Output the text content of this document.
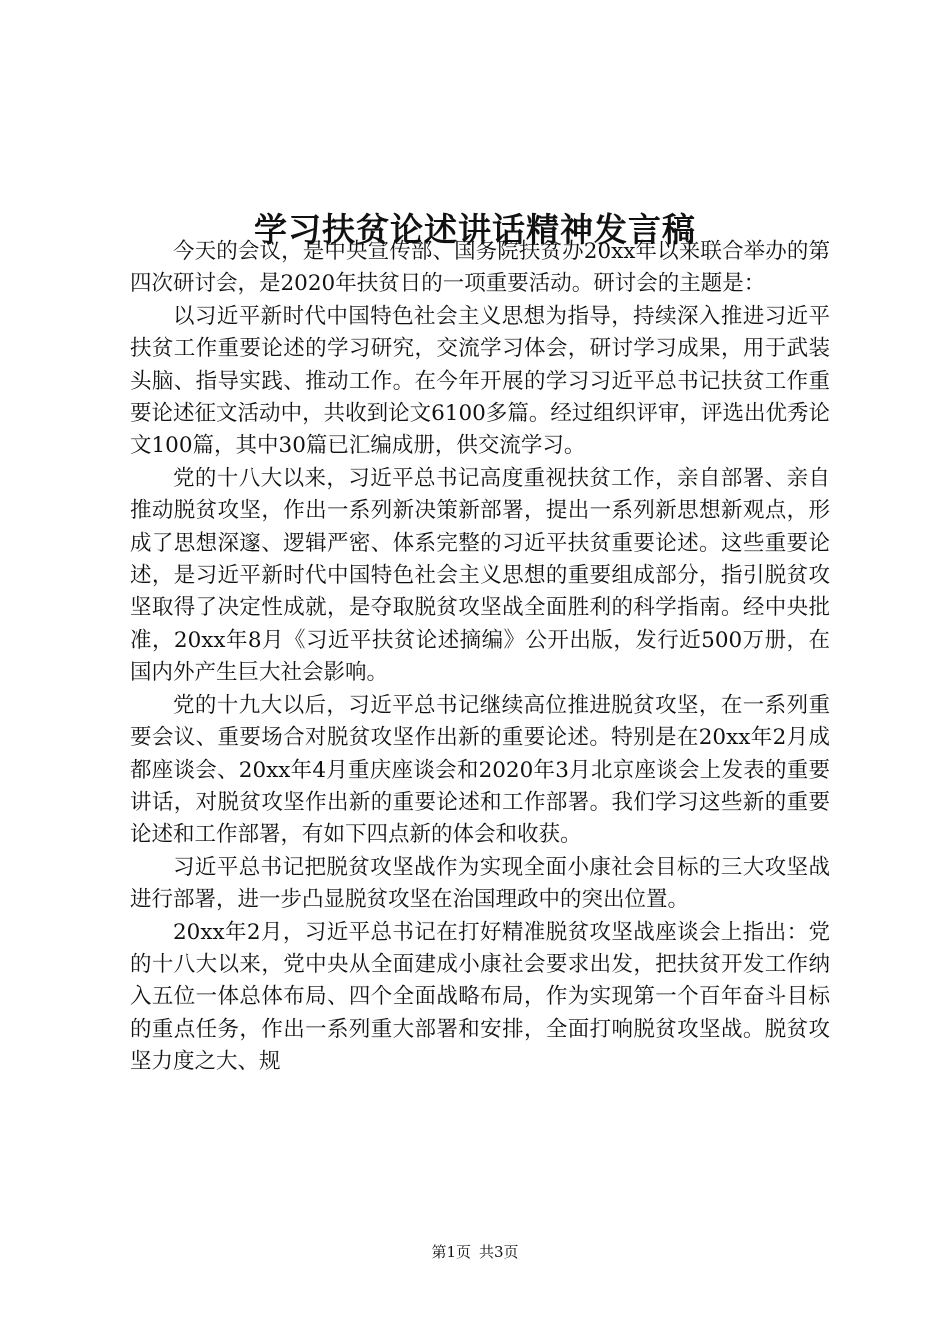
学习扶贫论述讲话精神发言稿

今天的会议，是中央宣传部、国务院扶贫办20xx年以来联合举办的第四次研讨会，是2020年扶贫日的一项重要活动。研讨会的主题是：

以习近平新时代中国特色社会主义思想为指导，持续深入推进习近平扶贫工作重要论述的学习研究，交流学习体会，研讨学习成果，用于武装头脑、指导实践、推动工作。在今年开展的学习习近平总书记扶贫工作重要论述征文活动中，共收到论文6100多篇。经过组织评审，评选出优秀论文100篇，其中30篇已汇编成册，供交流学习。

党的十八大以来，习近平总书记高度重视扶贫工作，亲自部署、亲自推动脱贫攻坚，作出一系列新决策新部署，提出一系列新思想新观点，形成了思想深邃、逻辑严密、体系完整的习近平扶贫重要论述。这些重要论述，是习近平新时代中国特色社会主义思想的重要组成部分，指引脱贫攻坚取得了决定性成就，是夺取脱贫攻坚战全面胜利的科学指南。经中央批准，20xx年8月《习近平扶贫论述摘编》公开出版，发行近500万册，在国内外产生巨大社会影响。

党的十九大以后，习近平总书记继续高位推进脱贫攻坚，在一系列重要会议、重要场合对脱贫攻坚作出新的重要论述。特别是在20xx年2月成都座谈会、20xx年4月重庆座谈会和2020年3月北京座谈会上发表的重要讲话，对脱贫攻坚作出新的重要论述和工作部署。我们学习这些新的重要论述和工作部署，有如下四点新的体会和收获。

习近平总书记把脱贫攻坚战作为实现全面小康社会目标的三大攻坚战进行部署，进一步凸显脱贫攻坚在治国理政中的突出位置。

20xx年2月，习近平总书记在打好精准脱贫攻坚战座谈会上指出：党的十八大以来，党中央从全面建成小康社会要求出发，把扶贫开发工作纳入五位一体总体布局、四个全面战略布局，作为实现第一个百年奋斗目标的重点任务，作出一系列重大部署和安排，全面打响脱贫攻坚战。脱贫攻坚力度之大、规

第1页 共3页
